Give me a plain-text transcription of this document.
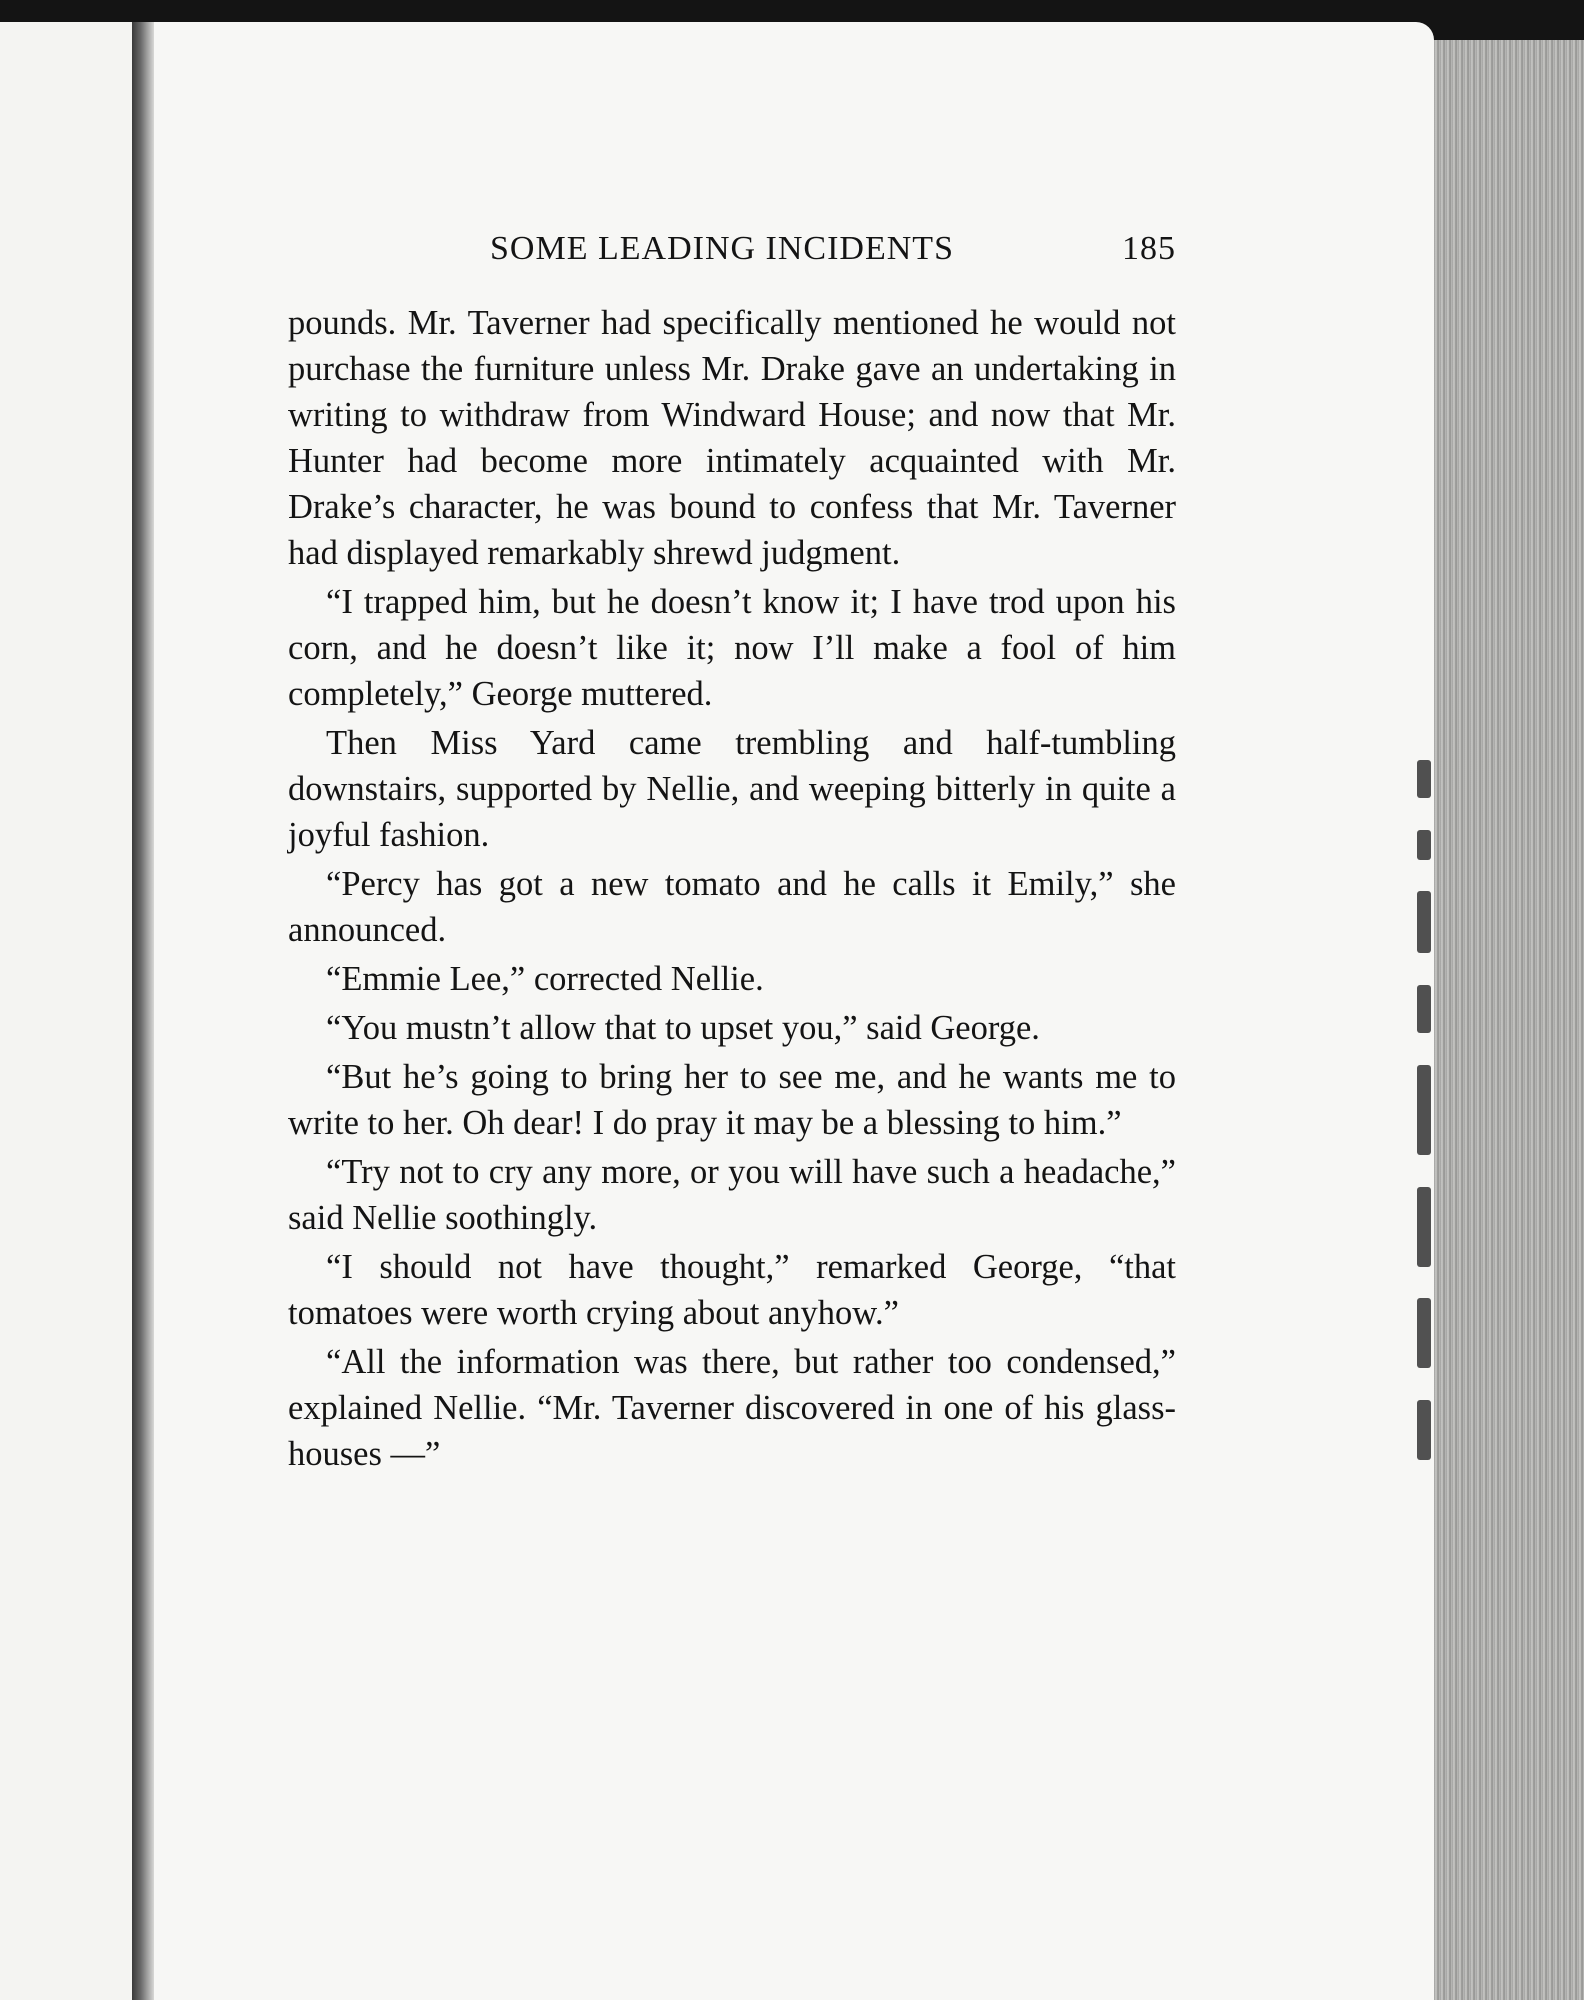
SOME LEADING INCIDENTS	185

pounds. Mr. Taverner had specifically mentioned he would not purchase the furniture unless Mr. Drake gave an undertaking in writing to withdraw from Windward House; and now that Mr. Hunter had become more intimately acquainted with Mr. Drake’s character, he was bound to confess that Mr. Taverner had displayed remarkably shrewd judgment.

“I trapped him, but he doesn’t know it; I have trod upon his corn, and he doesn’t like it; now I’ll make a fool of him completely,” George muttered.

Then Miss Yard came trembling and half-tumbling downstairs, supported by Nellie, and weeping bitterly in quite a joyful fashion.

“Percy has got a new tomato and he calls it Emily,” she announced.

“Emmie Lee,” corrected Nellie.

“You mustn’t allow that to upset you,” said George.

“But he’s going to bring her to see me, and he wants me to write to her. Oh dear! I do pray it may be a blessing to him.”

“Try not to cry any more, or you will have such a headache,” said Nellie soothingly.

“I should not have thought,” remarked George, “that tomatoes were worth crying about anyhow.”

“All the information was there, but rather too condensed,” explained Nellie. “Mr. Taverner discovered in one of his glass-houses —”
